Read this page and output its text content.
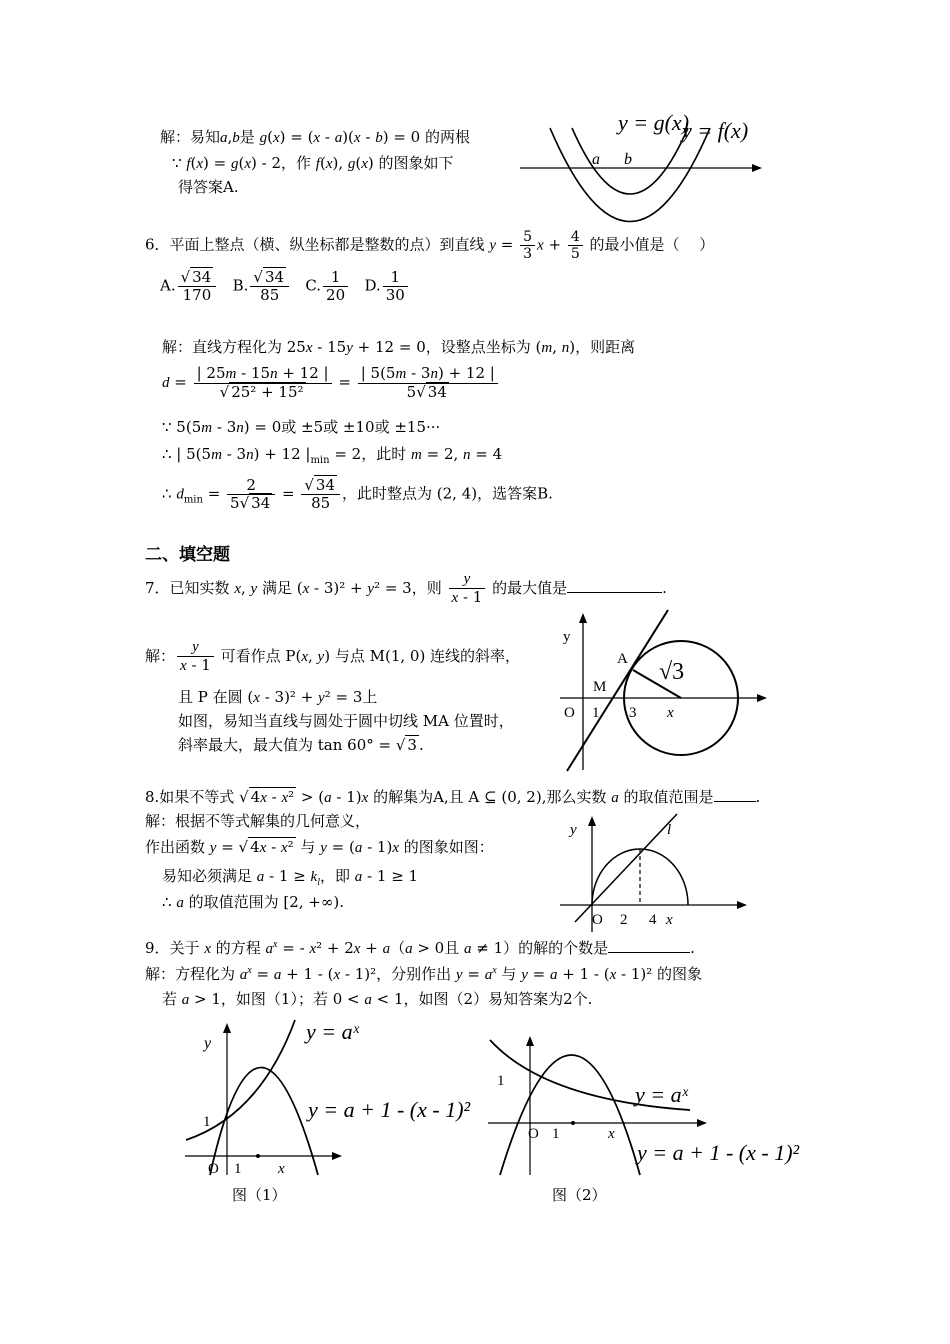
解：易知a,b是 g(x) = (x - a)(x - b) = 0 的两根
∵ f(x) = g(x) - 2，作 f(x), g(x) 的图象如下
得答案A.
y = g(x)
y = f(x)
a b
6．平面上整点（横、纵坐标都是整数的点）到直线 $y = \frac{5}{3}$ $x + \frac{4}{5}$ 的最小值是（　 ）
A. $\frac{√ 34}{170} B$. $\frac{√ 34}{85} C$. $\frac{1}{20} D$. $\frac{1}{30}$
解：直线方程化为 25x - 15y + 12 = 0，设整点坐标为 (m, n)，则距离
$d = \frac{| 25m - 15n + 12 |}{\text{√ 25² + 15²}} = \frac{| 5(5m - 3n) + 12 |}{5√ 34}$
∵ 5(5m - 3n) = 0或 ±5或 ±10或 ±15···
∴ | 5(5m - 3n) + 12 $|_{min} = 2$，此时 m = 2, n = 4
∴ $d_{min} = \frac{2}{5√ 34} = \frac{√ 34}{85}$ ，此时整点为 (2, 4)，选答案B.
二、填空题
7．已知实数 x, y 满足 (x - 3)² + y² = 3，则 $\frac{y}{x - 1}$ 的最大值是	.
解： $\frac{y}{x - 1}$ 可看作点 P(x, y) 与点 M(1, 0) 连线的斜率，
且 P 在圆 (x - 3)² + y² = 3上
如图，易知当直线与圆处于圆中切线 MA 位置时，
斜率最大，最大值为 tan 60° = √ 3 .
y
A
M
O 1 3 x
√3
8.如果不等式 √ 4x - x² > (a - 1)x 的解集为A,且 A ⊆ (0, 2),那么实数 a 的取值范围是	.
解：根据不等式解集的几何意义，
作出函数 y = √ 4x - x² 与 y = (a - 1)x 的图象如图：
易知必须满足 $a - 1 \ge k_l$，即 a - 1 ≥ 1
∴ a 的取值范围为 [2, +∞).
y	l
O 2 4 x
9．关于 x 的方程 $a^x$ = - x² + 2x + a（a > 0且 a ≠ 1）的解的个数是	.
解：方程化为 $a^x = a + 1 - (x - 1)^2$，分别作出 $y = a^x$ 与 y = a + 1 - (x - 1)² 的图象
若 a > 1，如图（1）；若 0 < a < 1，如图（2）易知答案为2个.
y	y = aˣ
y = a + 1 - (x - 1)²
1
O 1 x
图（1）
y = aˣ
y = a + 1 - (x - 1)²
1
O 1	x
图（2）
